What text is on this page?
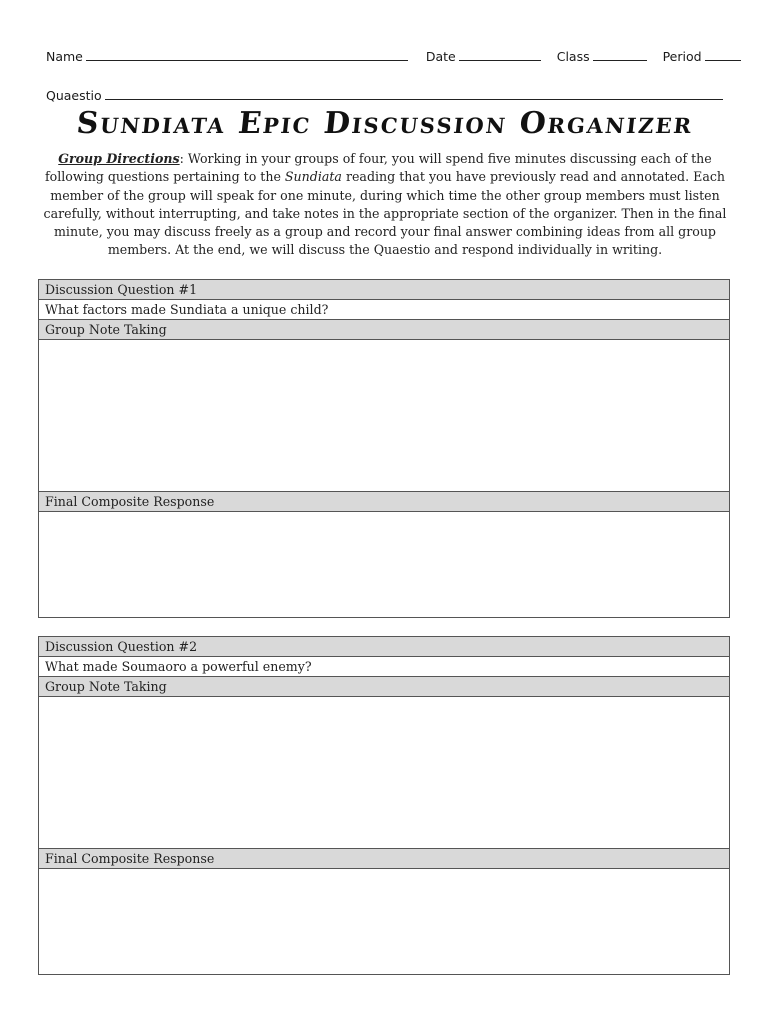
Name	Date	Class	Period
Quaestio
Sundiata Epic Discussion Organizer
Group Directions: Working in your groups of four, you will spend five minutes discussing each of the following questions pertaining to the Sundiata reading that you have previously read and annotated. Each member of the group will speak for one minute, during which time the other group members must listen carefully, without interrupting, and take notes in the appropriate section of the organizer. Then in the final minute, you may discuss freely as a group and record your final answer combining ideas from all group members. At the end, we will discuss the Quaestio and respond individually in writing.
Discussion Question #1
What factors made Sundiata a unique child?
Group Note Taking
Final Composite Response
Discussion Question #2
What made Soumaoro a powerful enemy?
Group Note Taking
Final Composite Response
